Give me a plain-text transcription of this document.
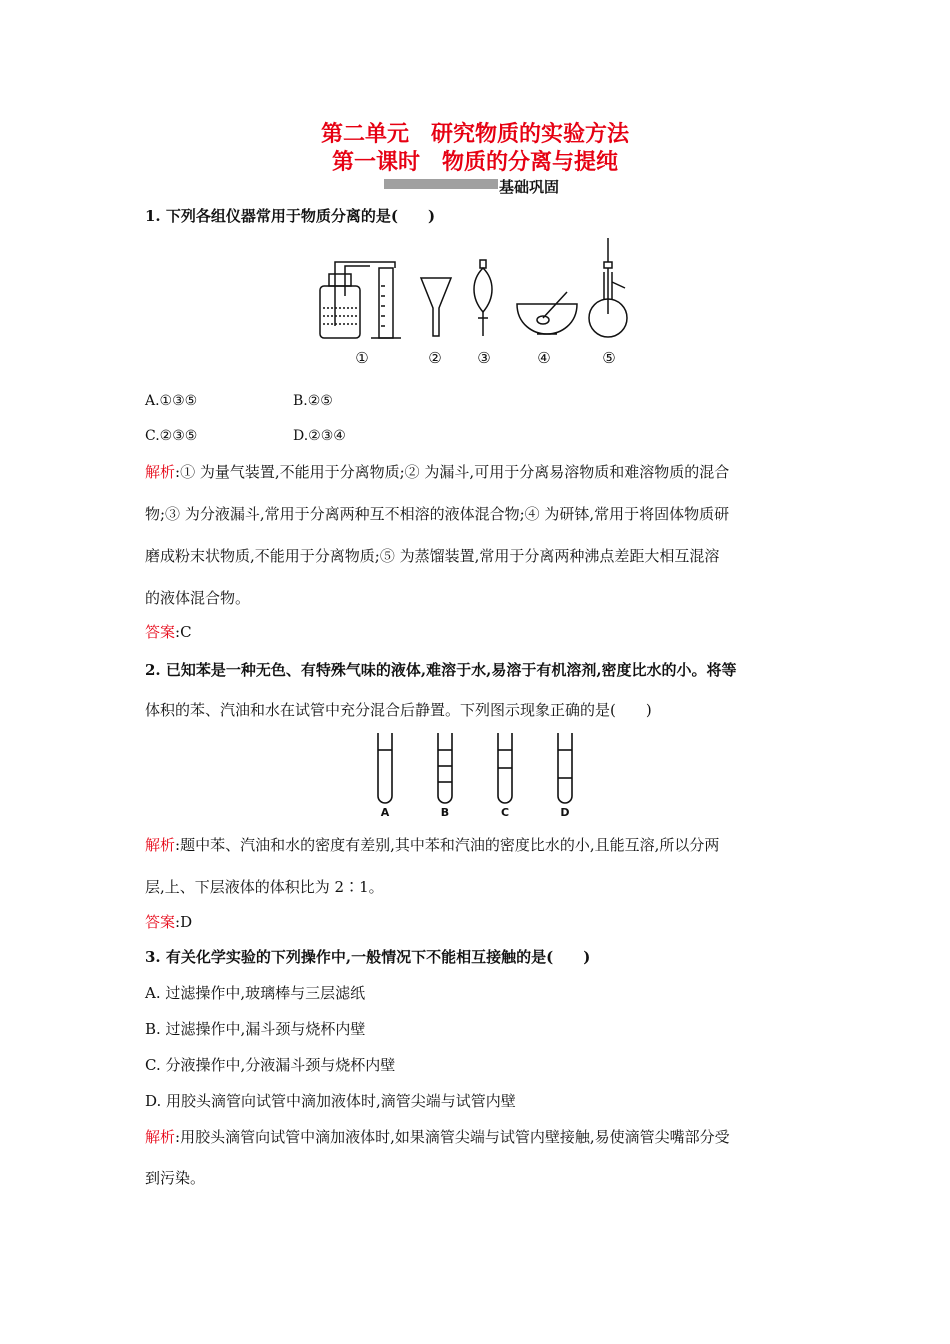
第二单元　研究物质的实验方法
第一课时　物质的分离与提纯
基础巩固
1. 下列各组仪器常用于物质分离的是(　　)
①	② ③	④	⑤
A.①③⑤	B.②⑤
C.②③⑤	D.②③④
解析:① 为量气装置,不能用于分离物质;② 为漏斗,可用于分离易溶物质和难溶物质的混合
物;③ 为分液漏斗,常用于分离两种互不相溶的液体混合物;④ 为研钵,常用于将固体物质研
磨成粉末状物质,不能用于分离物质;⑤ 为蒸馏装置,常用于分离两种沸点差距大相互混溶
的液体混合物。
答案:C
2. 已知苯是一种无色、有特殊气味的液体,难溶于水,易溶于有机溶剂,密度比水的小。将等
体积的苯、汽油和水在试管中充分混合后静置。下列图示现象正确的是(　　)
A	B	C	D
解析:题中苯、汽油和水的密度有差别,其中苯和汽油的密度比水的小,且能互溶,所以分两
层,上、下层液体的体积比为 2∶1。
答案:D
3. 有关化学实验的下列操作中,一般情况下不能相互接触的是(　　)
A. 过滤操作中,玻璃棒与三层滤纸
B. 过滤操作中,漏斗颈与烧杯内壁
C. 分液操作中,分液漏斗颈与烧杯内壁
D. 用胶头滴管向试管中滴加液体时,滴管尖端与试管内壁
解析:用胶头滴管向试管中滴加液体时,如果滴管尖端与试管内壁接触,易使滴管尖嘴部分受
到污染。
